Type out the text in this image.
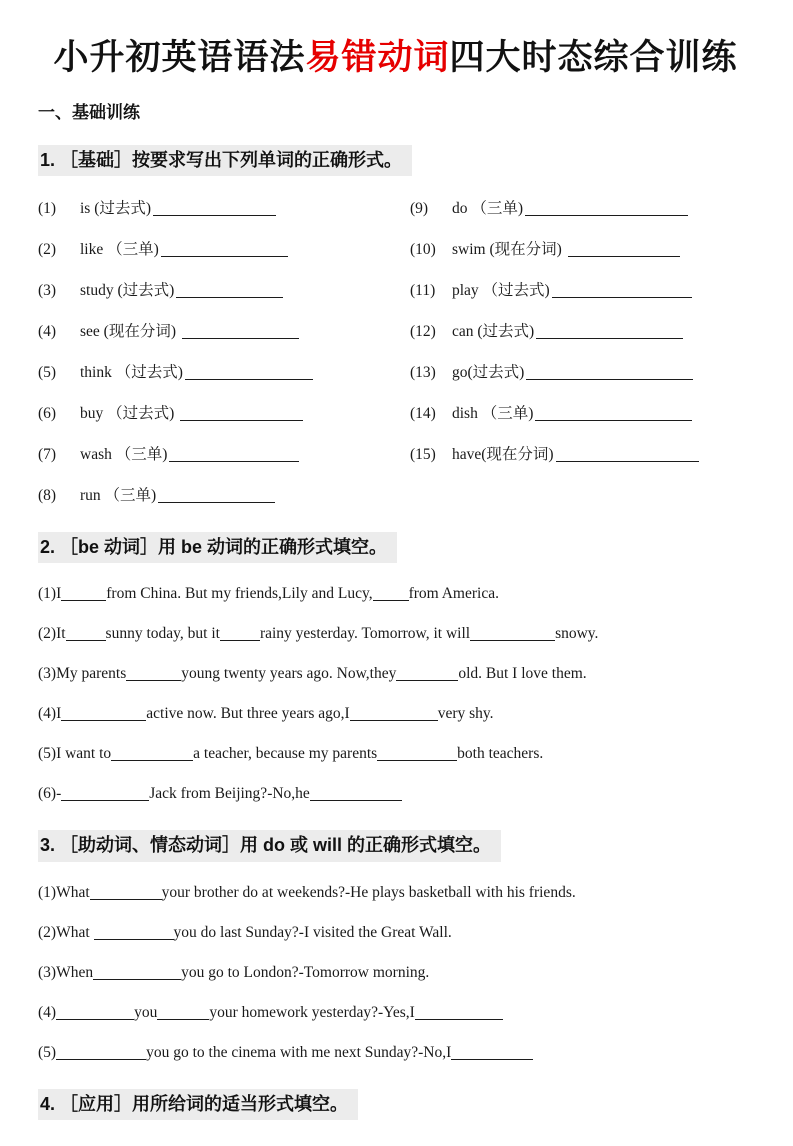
小升初英语语法易错动词四大时态综合训练
一、基础训练
1. ［基础］按要求写出下列单词的正确形式。
(1)	is (过去式)
(2)	like （三单)
(3)	study (过去式)
(4)	see (现在分词)
(5)	think （过去式)
(6)	buy （过去式)
(7)	wash （三单)
(8)	run （三单)
(9)	do （三单)
(10)	swim (现在分词)
(11)	play （过去式)
(12)	can (过去式)
(13)	go(过去式)
(14)	dish （三单)
(15)	have(现在分词)
2. ［be 动词］用 be 动词的正确形式填空。

(1)I	from China. But my friends,Lily and Lucy, from America.

(2)It	sunny today, but it	rainy yesterday. Tomorrow, it will	snowy.

(3)My parents	young twenty years ago. Now,they	old. But I love them.

(4)I	active now. But three years ago,I	very shy.

(5)I want to	a teacher, because my parents	both teachers.

(6)-	Jack from Beijing?-No,he

3. ［助动词、情态动词］用 do 或 will 的正确形式填空。

(1)What	your brother do at weekends?-He plays basketball with his friends.

(2)What	you do last Sunday?-I visited the Great Wall.

(3)When	you go to London?-Tomorrow morning.

(4)	you	your homework yesterday?-Yes,I

(5)	you go to the cinema with me next Sunday?-No,I

4. ［应用］用所给词的适当形式填空。
